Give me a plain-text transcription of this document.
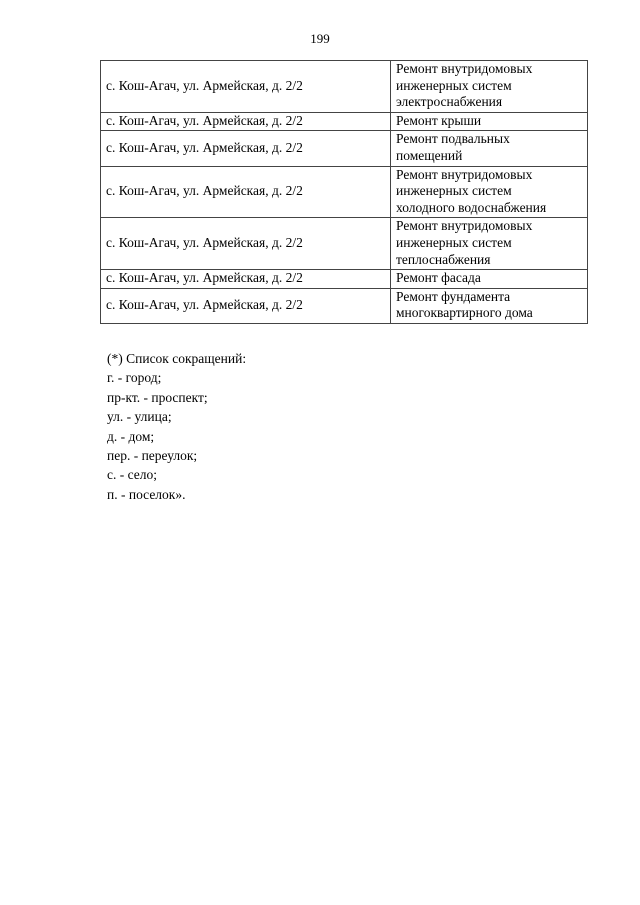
199
с. Кош-Агач, ул. Армейская, д. 2/2	Ремонт внутридомовых
инженерных систем
электроснабжения

с. Кош-Агач, ул. Армейская, д. 2/2	Ремонт крыши

с. Кош-Агач, ул. Армейская, д. 2/2	Ремонт подвальных
помещений

с. Кош-Агач, ул. Армейская, д. 2/2	Ремонт внутридомовых
инженерных систем
холодного водоснабжения

с. Кош-Агач, ул. Армейская, д. 2/2	Ремонт внутридомовых
инженерных систем
теплоснабжения

с. Кош-Агач, ул. Армейская, д. 2/2	Ремонт фасада

с. Кош-Агач, ул. Армейская, д. 2/2	Ремонт фундамента
многоквартирного дома
(*) Список сокращений:
г. - город;
пр-кт. - проспект;
ул. - улица;
д. - дом;
пер. - переулок;
с. - село;
п. - поселок».
